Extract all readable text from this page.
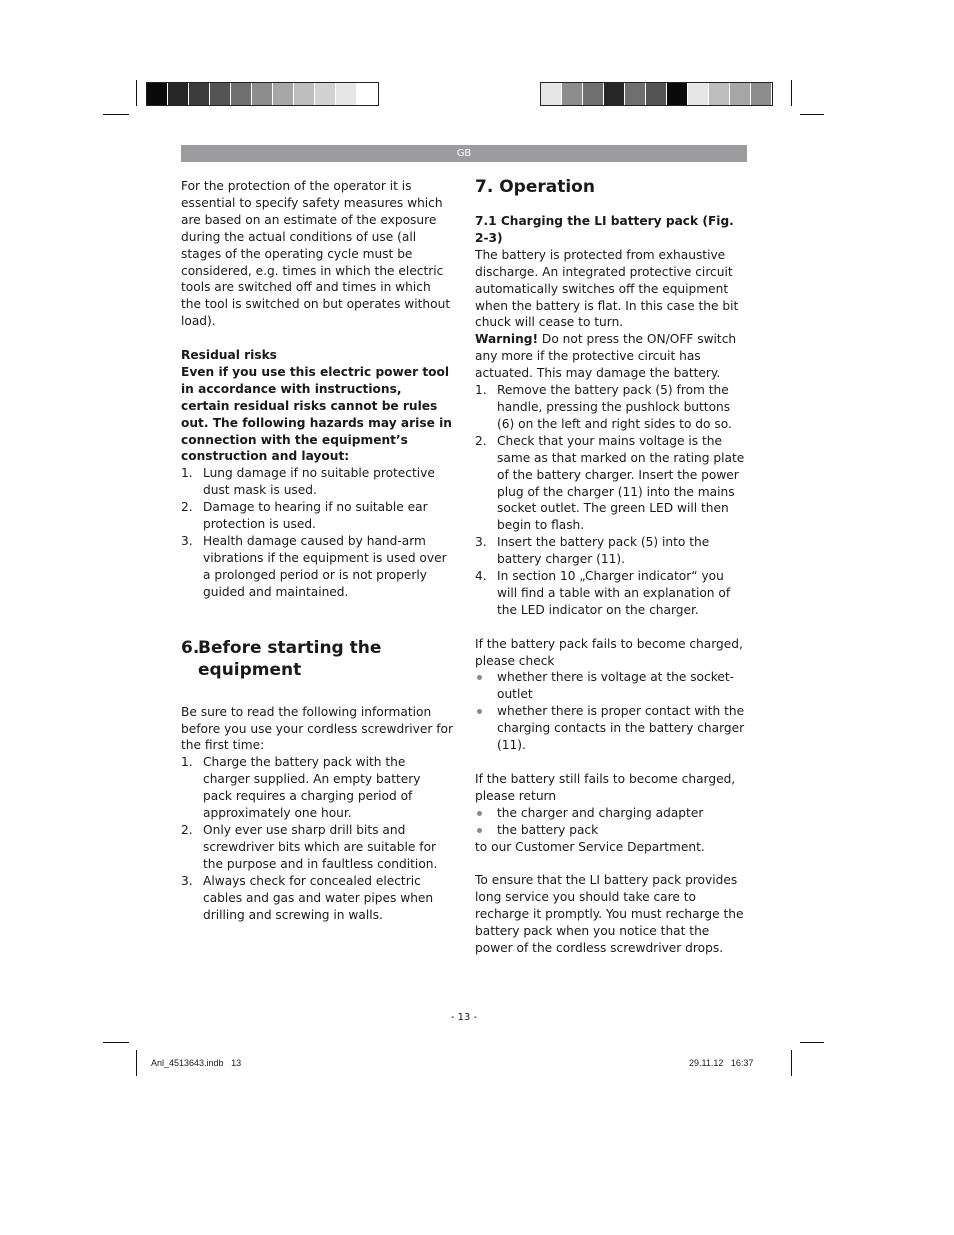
GB

For the protection of the operator it is essential to specify safety measures which are based on an estimate of the exposure during the actual conditions of use (all stages of the operating cycle must be considered, e.g. times in which the electric tools are switched off and times in which the tool is switched on but operates without load).

Residual risks

Even if you use this electric power tool in accordance with instructions, certain residual risks cannot be rules out. The following hazards may arise in connection with the equipment’s construction and layout:

1. Lung damage if no suitable protective dust mask is used.
2. Damage to hearing if no suitable ear protection is used.
3. Health damage caused by hand-arm vibrations if the equipment is used over a prolonged period or is not properly guided and maintained.
6.
Before starting the equipment

Be sure to read the following information before you use your cordless screwdriver for the first time:

1. Charge the battery pack with the charger supplied. An empty battery pack requires a charging period of approximately one hour.
2. Only ever use sharp drill bits and screwdriver bits which are suitable for the purpose and in faultless condition.
3. Always check for concealed electric cables and gas and water pipes when drilling and screwing in walls.
7. Operation
7.1 Charging the LI battery pack (Fig. 2-3)

The battery is protected from exhaustive discharge. An integrated protective circuit automatically switches off the equipment when the battery is flat. In this case the bit chuck will cease to turn.

Warning! Do not press the ON/OFF switch any more if the protective circuit has actuated. This may damage the battery.

1. Remove the battery pack (5) from the handle, pressing the pushlock buttons (6) on the left and right sides to do so.
2. Check that your mains voltage is the same as that marked on the rating plate of the battery charger. Insert the power plug of the charger (11) into the mains socket outlet. The green LED will then begin to flash.
3. Insert the battery pack (5) into the battery charger (11).
4. In section 10 „Charger indicator“ you will find a table with an explanation of the LED indicator on the charger.

If the battery pack fails to become charged, please check

whether there is voltage at the socket-outlet
whether there is proper contact with the charging contacts in the battery charger (11).

If the battery still fails to become charged, please return

the charger and charging adapter
the battery pack

to our Customer Service Department.

To ensure that the LI battery pack provides long service you should take care to recharge it promptly. You must recharge the battery pack when you notice that the power of the cordless screwdriver drops.

- 13 -
Anl_4513643.indb   13	29.11.12   16:37
